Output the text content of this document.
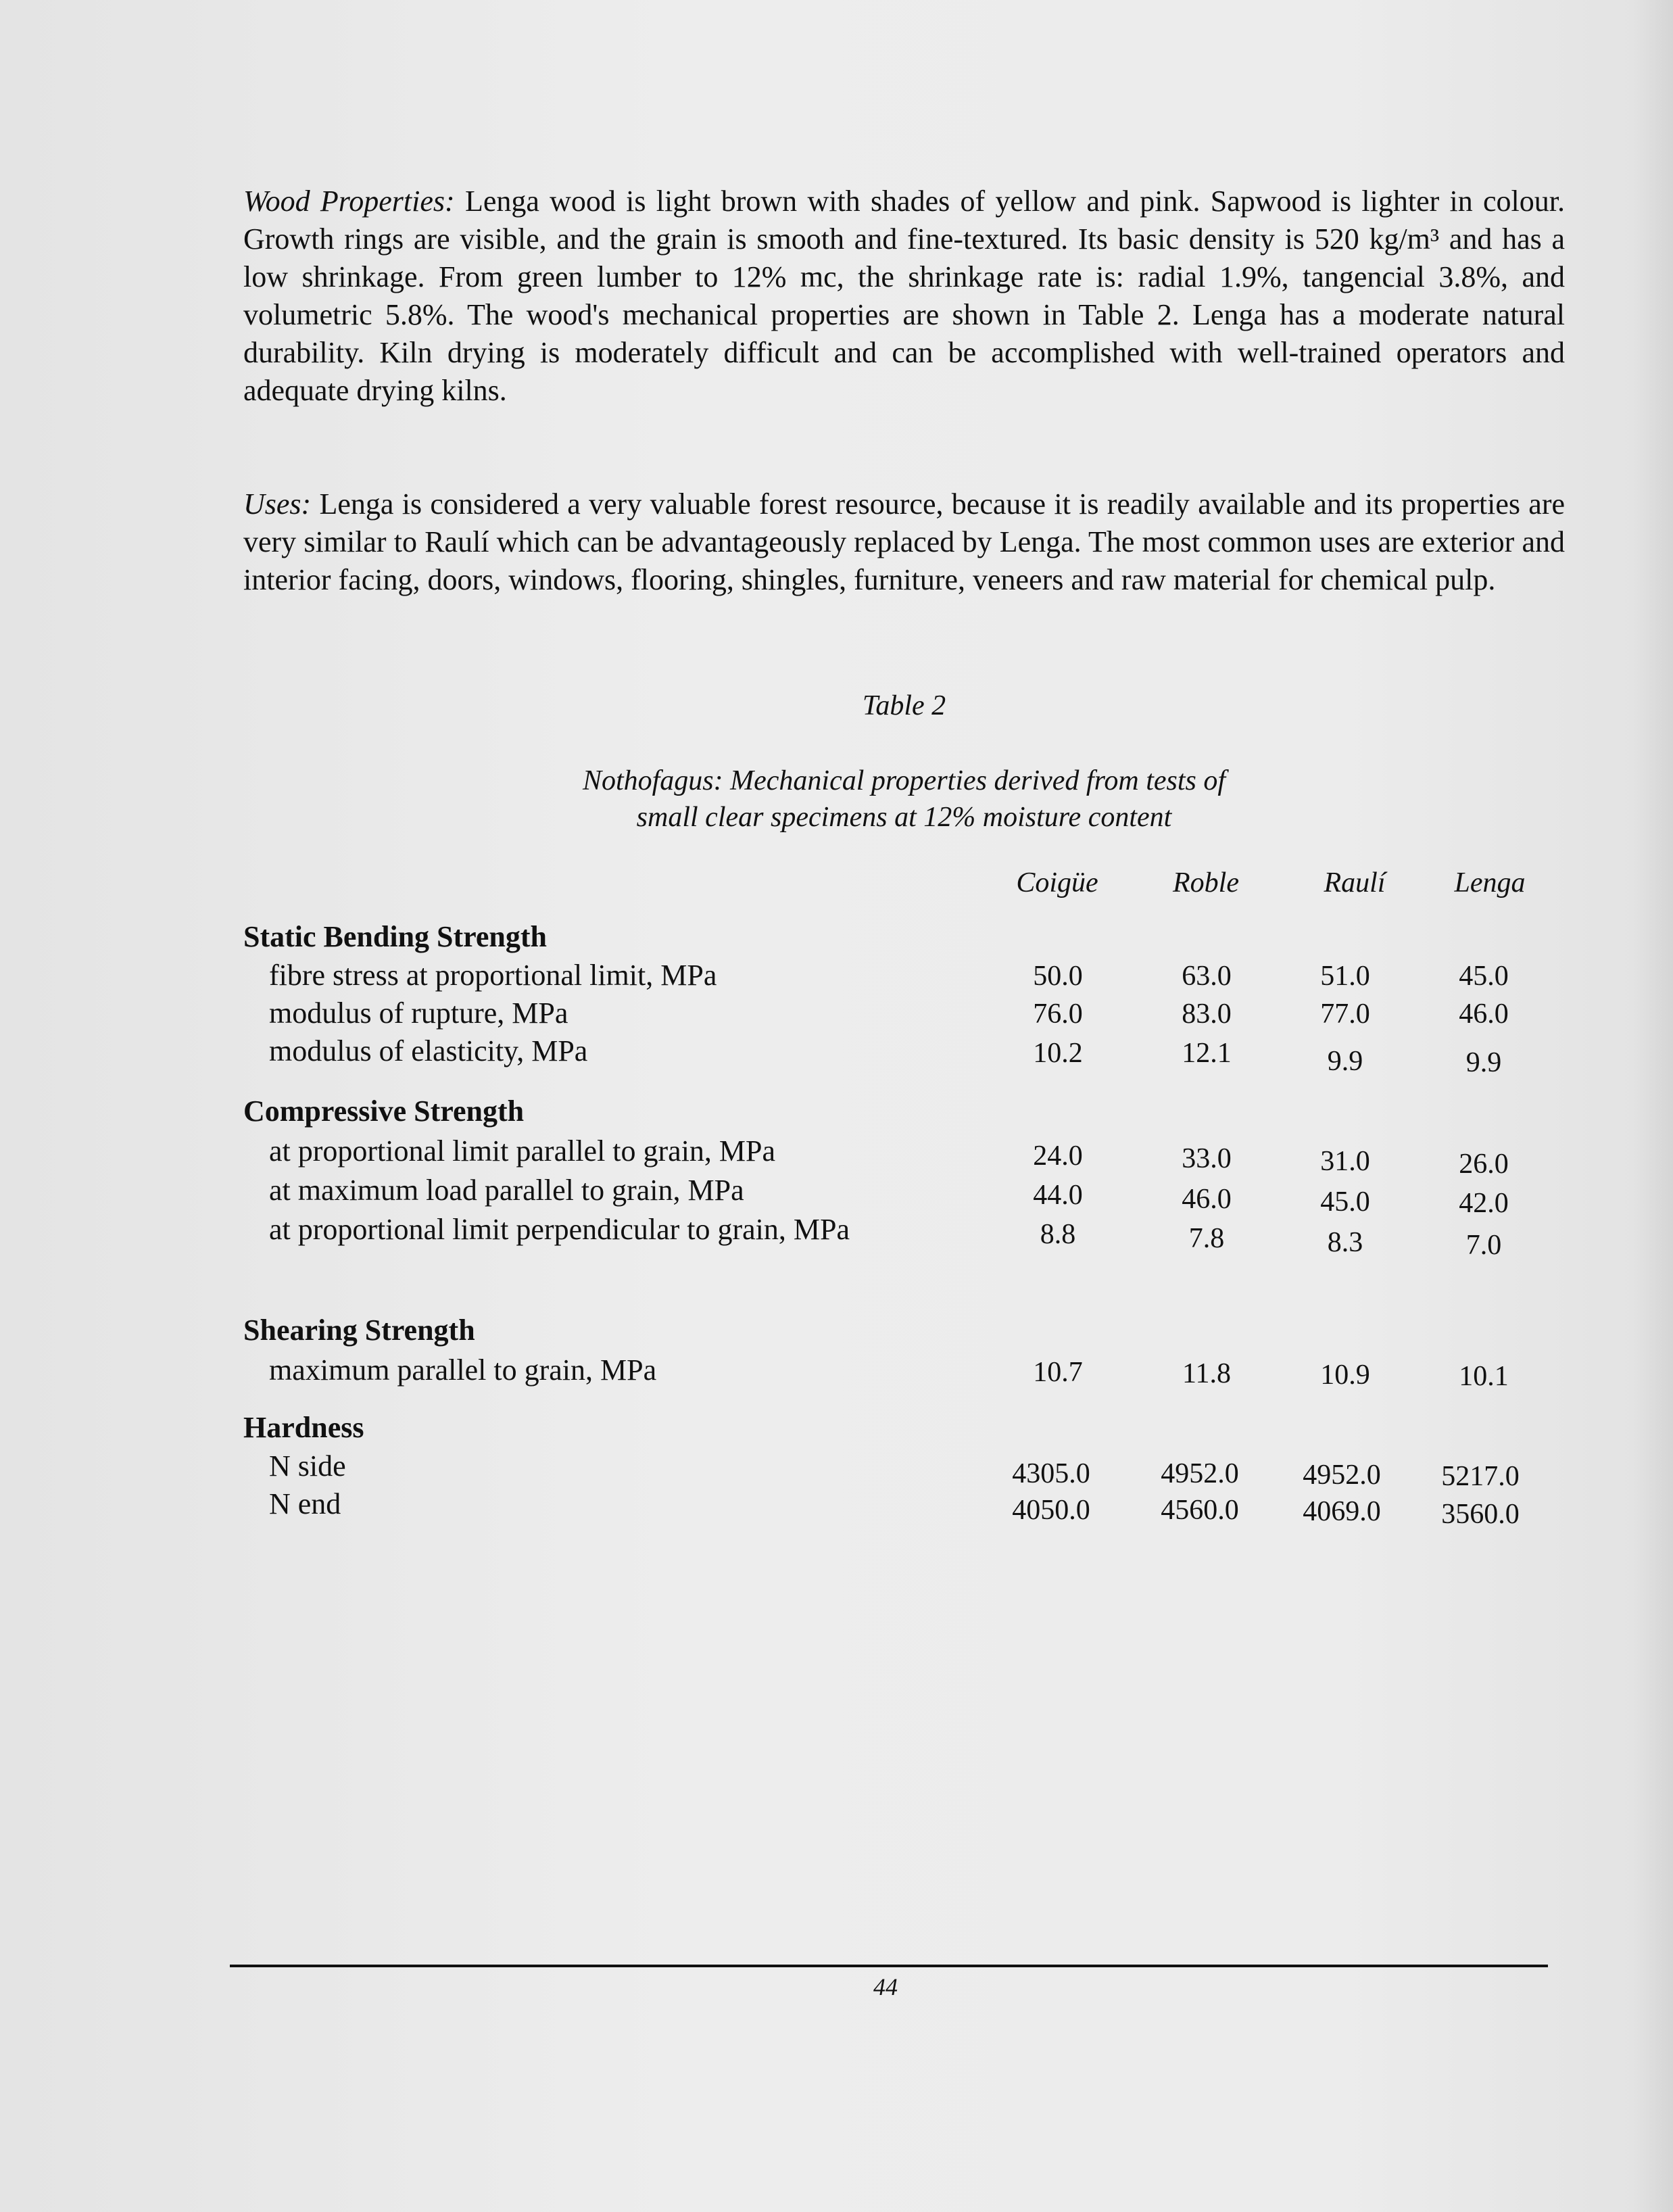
Wood Properties: Lenga wood is light brown with shades of yellow and pink. Sapwood is lighter in colour. Growth rings are visible, and the grain is smooth and fine-textured. Its basic density is 520 kg/m³ and has a low shrinkage. From green lumber to 12% mc, the shrinkage rate is: radial 1.9%, tangencial 3.8%, and volumetric 5.8%. The wood's mechanical properties are shown in Table 2. Lenga has a moderate natural durability. Kiln drying is moderately difficult and can be accomplished with well-trained operators and adequate drying kilns.
Uses: Lenga is considered a very valuable forest resource, because it is readily available and its properties are very similar to Raulí which can be advantageously replaced by Lenga. The most common uses are exterior and interior facing, doors, windows, flooring, shingles, furniture, veneers and raw material for chemical pulp.
Table 2
Nothofagus: Mechanical properties derived from tests of
small clear specimens at 12% moisture content
Coigüe	Roble	Raulí	Lenga
Static Bending Strength
fibre stress at proportional limit, MPa	50.0	63.0	51.0	45.0
modulus of rupture, MPa	76.0	83.0	77.0	46.0
modulus of elasticity, MPa	10.2	12.1	9.9	9.9
Compressive Strength
at proportional limit parallel to grain, MPa	24.0	33.0	31.0	26.0
at maximum load parallel to grain, MPa	44.0	46.0	45.0	42.0
at proportional limit perpendicular to grain, MPa	8.8	7.8	8.3	7.0
Shearing Strength
maximum parallel to grain, MPa	10.7	11.8	10.9	10.1
Hardness
N side	4305.0	4952.0	4952.0	5217.0
N end	4050.0	4560.0	4069.0	3560.0
44
